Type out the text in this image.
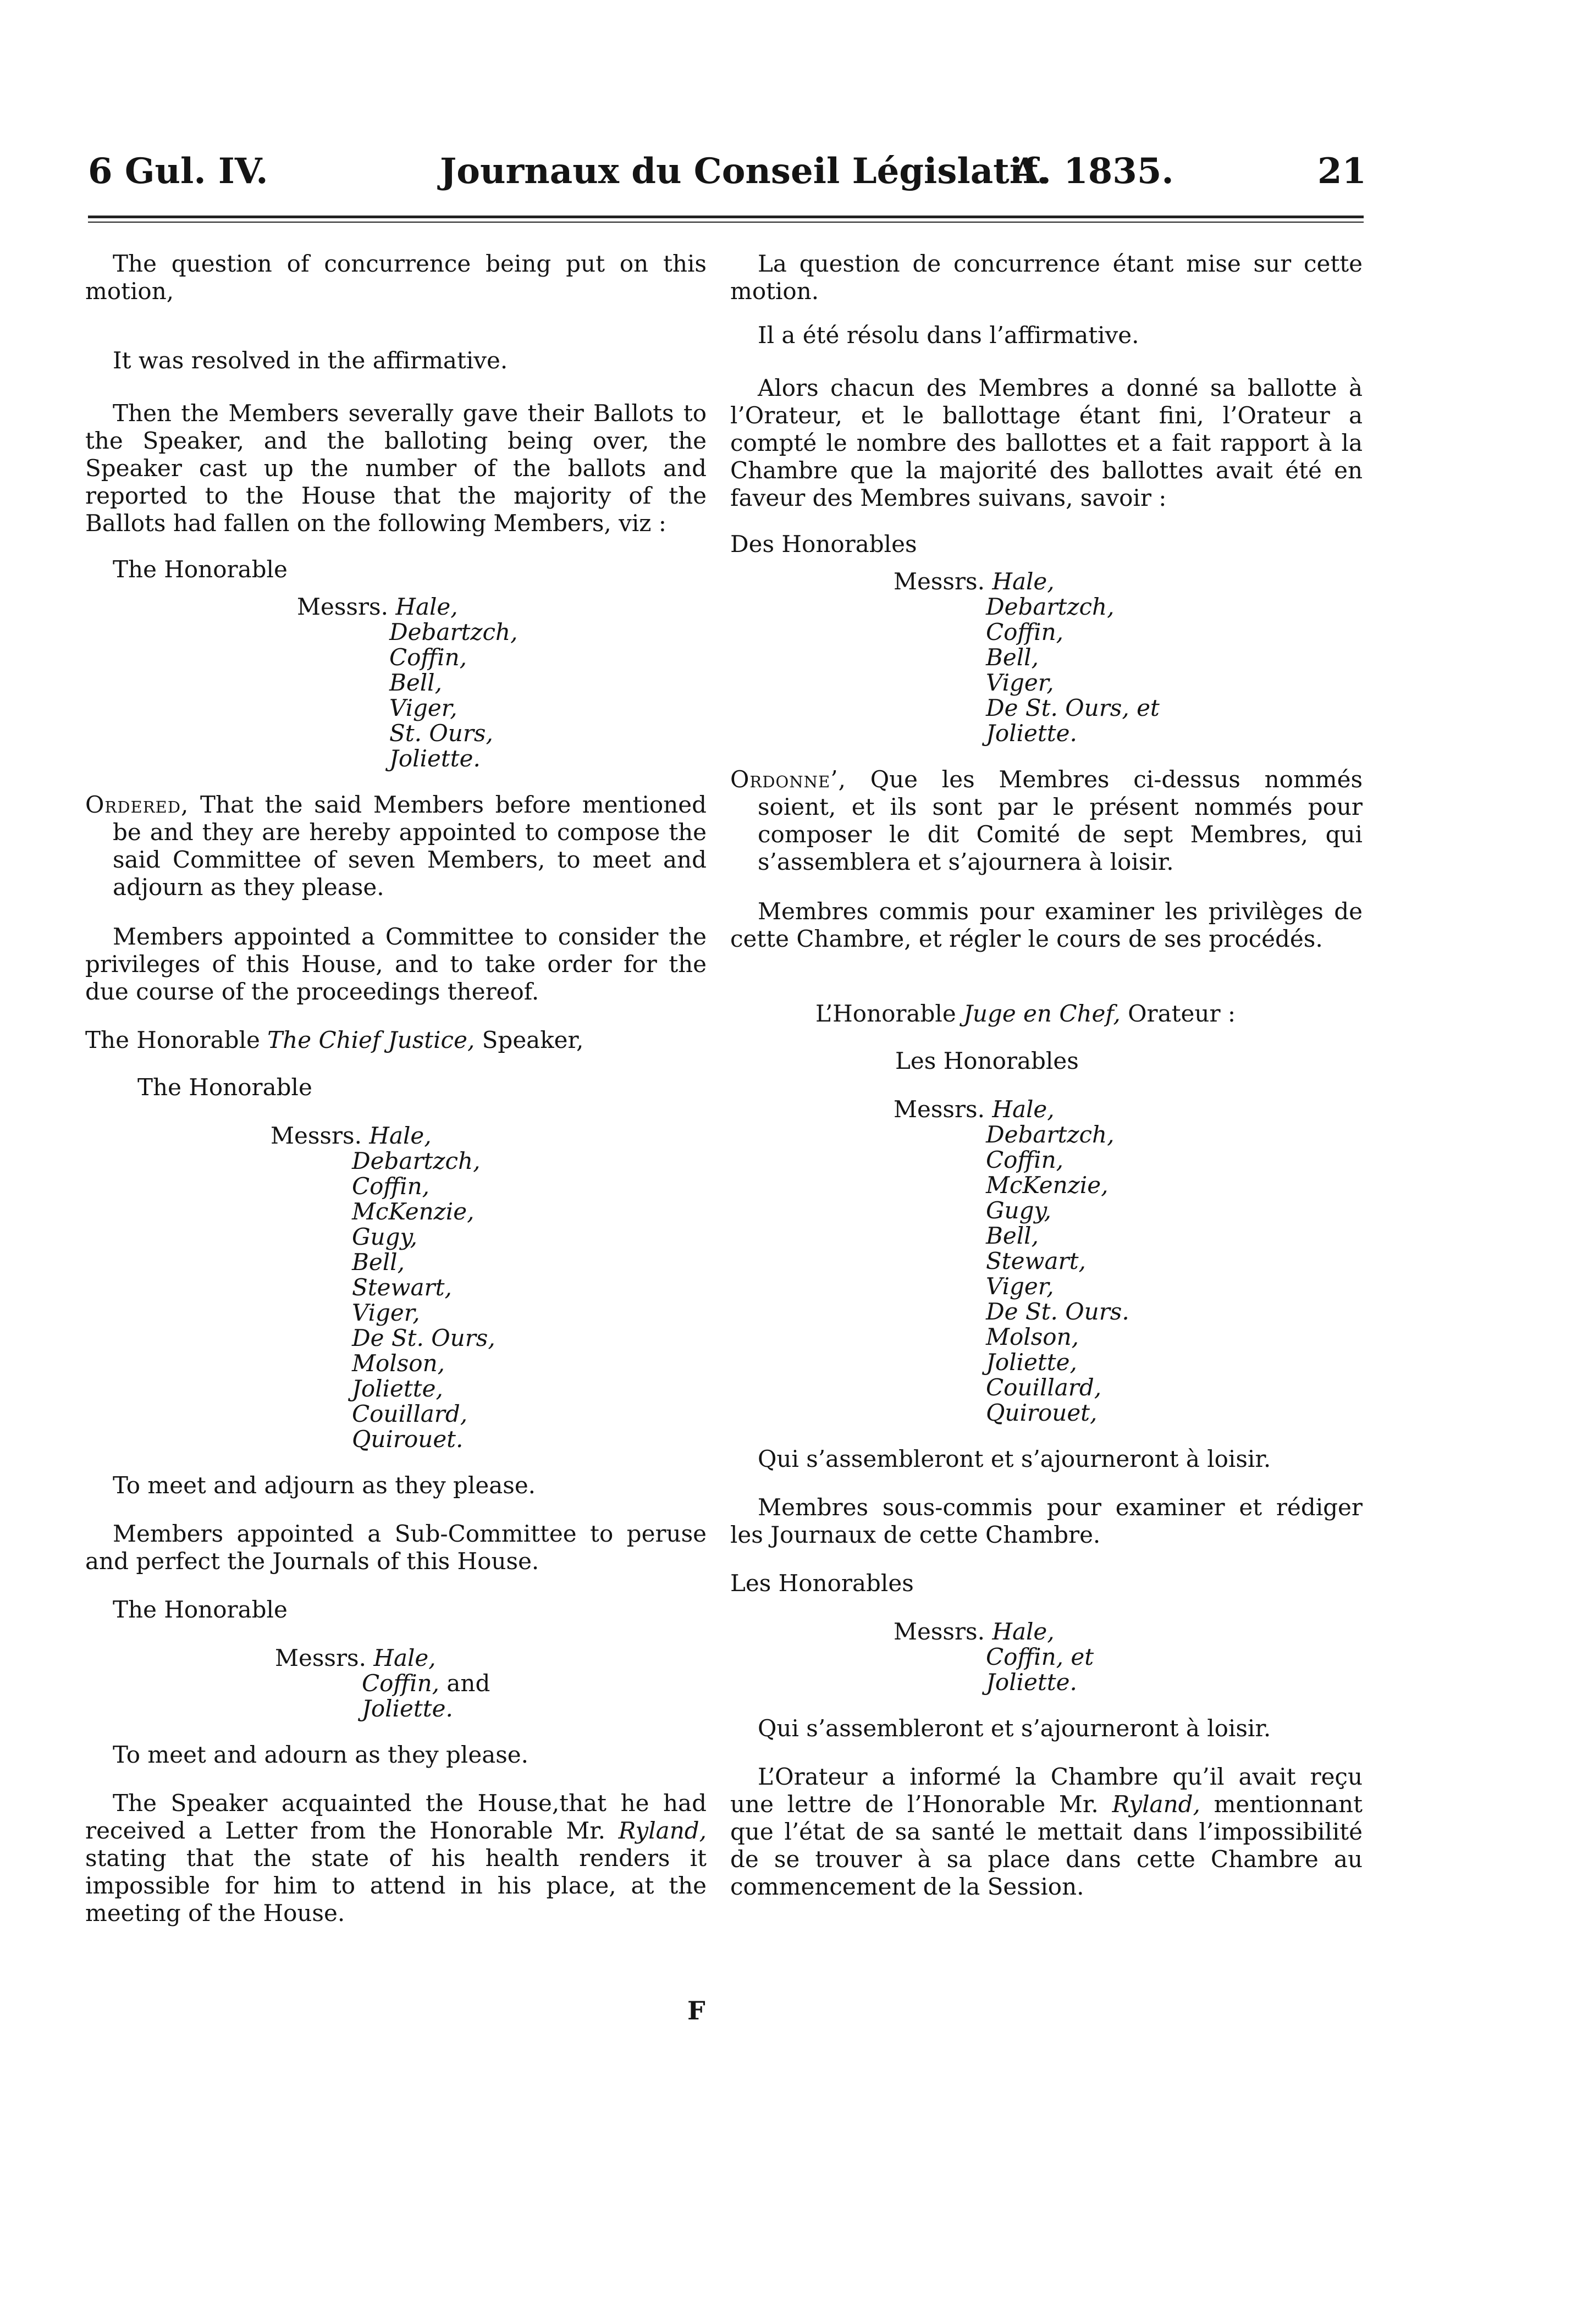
6 Gul. IV.	Journaux du Conseil Législatif.
A. 1835.	21

The question of concurrence being put on this motion,

It was resolved in the affirmative.

Then the Members severally gave their Ballots to the Speaker, and the balloting being over, the Speaker cast up the number of the ballots and reported to the House that the majority of the Ballots had fallen on the following Members, viz :

The Honorable
Messrs. Hale,
Debartzch,
Coffin,
Bell,
Viger,
St. Ours,
Joliette.

Ordered, That the said Members before mentioned be and they are hereby appointed to compose the said Committee of seven Members, to meet and adjourn as they please.

Members appointed a Committee to consider the privileges of this House, and to take order for the due course of the proceedings thereof.

The Honorable The Chief Justice, Speaker,

The Honorable
Messrs. Hale,
Debartzch,
Coffin,
McKenzie,
Gugy,
Bell,
Stewart,
Viger,
De St. Ours,
Molson,
Joliette,
Couillard,
Quirouet.

To meet and adjourn as they please.

Members appointed a Sub-Committee to peruse and perfect the Journals of this House.

The Honorable
Messrs. Hale,
Coffin, and
Joliette.

To meet and adourn as they please.

The Speaker acquainted the House,that he had received a Letter from the Honorable Mr. Ryland, stating that the state of his health renders it impossible for him to attend in his place, at the meeting of the House.

La question de concurrence étant mise sur cette motion.

Il a été résolu dans l’affirmative.

Alors chacun des Membres a donné sa ballotte à l’Orateur, et le ballottage étant fini, l’Orateur a compté le nombre des ballottes et a fait rapport à la Chambre que la majorité des ballottes avait été en faveur des Membres suivans, savoir :

Des Honorables
Messrs. Hale,
Debartzch,
Coffin,
Bell,
Viger,
De St. Ours, et
Joliette.

Ordonne’, Que les Membres ci-dessus nommés soient, et ils sont par le présent nommés pour composer le dit Comité de sept Membres, qui s’assemblera et s’ajournera à loisir.

Membres commis pour examiner les privilèges de cette Chambre, et régler le cours de ses procédés.

L’Honorable Juge en Chef, Orateur :

Les Honorables
Messrs. Hale,
Debartzch,
Coffin,
McKenzie,
Gugy,
Bell,
Stewart,
Viger,
De St. Ours.
Molson,
Joliette,
Couillard,
Quirouet,

Qui s’assembleront et s’ajourneront à loisir.

Membres sous-commis pour examiner et rédiger les Journaux de cette Chambre.

Les Honorables
Messrs. Hale,
Coffin, et
Joliette.

Qui s’assembleront et s’ajourneront à loisir.

L’Orateur a informé la Chambre qu’il avait reçu une lettre de l’Honorable Mr. Ryland, mentionnant que l’état de sa santé le mettait dans l’impossibilité de se trouver à sa place dans cette Chambre au commencement de la Session.

F
